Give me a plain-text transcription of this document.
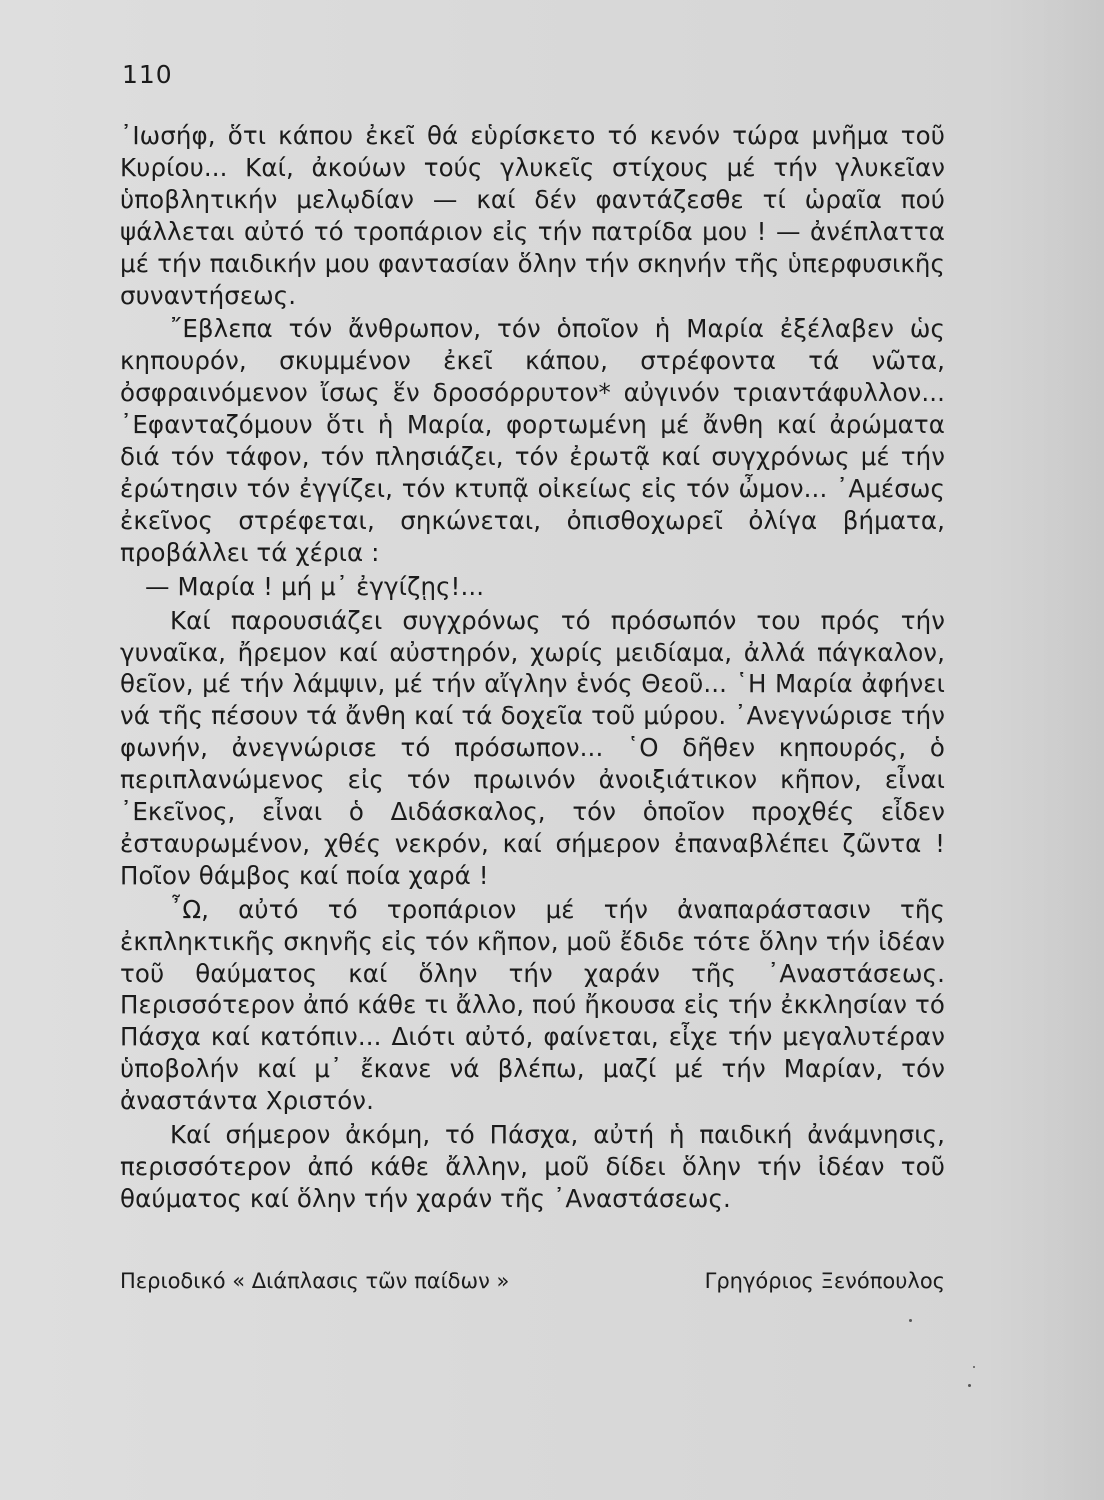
110

᾿Ιωσήφ, ὅτι κάπου ἐκεῖ θά εὑρίσκετο τό κενόν τώρα μνῆμα τοῦ Κυρίου... Καί, ἀκούων τούς γλυκεῖς στίχους μέ τήν γλυκεῖαν ὑποβλητικήν μελῳδίαν — καί δέν φαντάζεσθε τί ὡραῖα πού ψάλλεται αὐτό τό τροπάριον εἰς τήν πατρίδα μου ! — ἀνέπλαττα μέ τήν παιδικήν μου φαντασίαν ὅλην τήν σκηνήν τῆς ὑπερφυσικῆς συναντήσεως.

῎Εβλεπα τόν ἄνθρωπον, τόν ὁποῖον ἡ Μαρία ἐξέλαβεν ὡς κηπουρόν, σκυμμένον ἐκεῖ κάπου, στρέφοντα τά νῶτα, ὀσφραινόμενον ἴσως ἕν δροσόρρυτον* αὐγινόν τριαντάφυλλον... ᾿Εφανταζόμουν ὅτι ἡ Μαρία, φορτωμένη μέ ἄνθη καί ἀρώματα διά τόν τάφον, τόν πλησιάζει, τόν ἐρωτᾷ καί συγχρόνως μέ τήν ἐρώτησιν τόν ἐγγίζει, τόν κτυπᾷ οἰκείως εἰς τόν ὦμον... ᾿Αμέσως ἐκεῖνος στρέφεται, σηκώνεται, ὀπισθοχωρεῖ ὀλίγα βήματα, προβάλλει τά χέρια :

— Μαρία ! μή μ᾿ ἐγγίζῃς!...

Καί παρουσιάζει συγχρόνως τό πρόσωπόν του πρός τήν γυναῖκα, ἤρεμον καί αὐστηρόν, χωρίς μειδίαμα, ἀλλά πάγκαλον, θεῖον, μέ τήν λάμψιν, μέ τήν αἴγλην ἑνός Θεοῦ... ῾Η Μαρία ἀφήνει νά τῆς πέσουν τά ἄνθη καί τά δοχεῖα τοῦ μύρου. ᾿Ανεγνώρισε τήν φωνήν, ἀνεγνώρισε τό πρόσωπον... ῾Ο δῆθεν κηπουρός, ὁ περιπλανώμενος εἰς τόν πρωινόν ἀνοιξιάτικον κῆπον, εἶναι ᾿Εκεῖνος, εἶναι ὁ Διδάσκαλος, τόν ὁποῖον προχθές εἶδεν ἐσταυρωμένον, χθές νεκρόν, καί σήμερον ἐπαναβλέπει ζῶντα ! Ποῖον θάμβος καί ποία χαρά !

῏Ω, αὐτό τό τροπάριον μέ τήν ἀναπαράστασιν τῆς ἐκπληκτικῆς σκηνῆς εἰς τόν κῆπον, μοῦ ἔδιδε τότε ὅλην τήν ἰδέαν τοῦ θαύματος καί ὅλην τήν χαράν τῆς ᾿Αναστάσεως. Περισσότερον ἀπό κάθε τι ἄλλο, πού ἤκουσα εἰς τήν ἐκκλησίαν τό Πάσχα καί κατόπιν... Διότι αὐτό, φαίνεται, εἶχε τήν μεγαλυτέραν ὑποβολήν καί μ᾿ ἔκανε νά βλέπω, μαζί μέ τήν Μαρίαν, τόν ἀναστάντα Χριστόν.

Καί σήμερον ἀκόμη, τό Πάσχα, αὐτή ἡ παιδική ἀνάμνησις, περισσότερον ἀπό κάθε ἄλλην, μοῦ δίδει ὅλην τήν ἰδέαν τοῦ θαύματος καί ὅλην τήν χαράν τῆς ᾿Αναστάσεως.

Περιοδικό « Διάπλασις τῶν παίδων »	Γρηγόριος Ξενόπουλος
